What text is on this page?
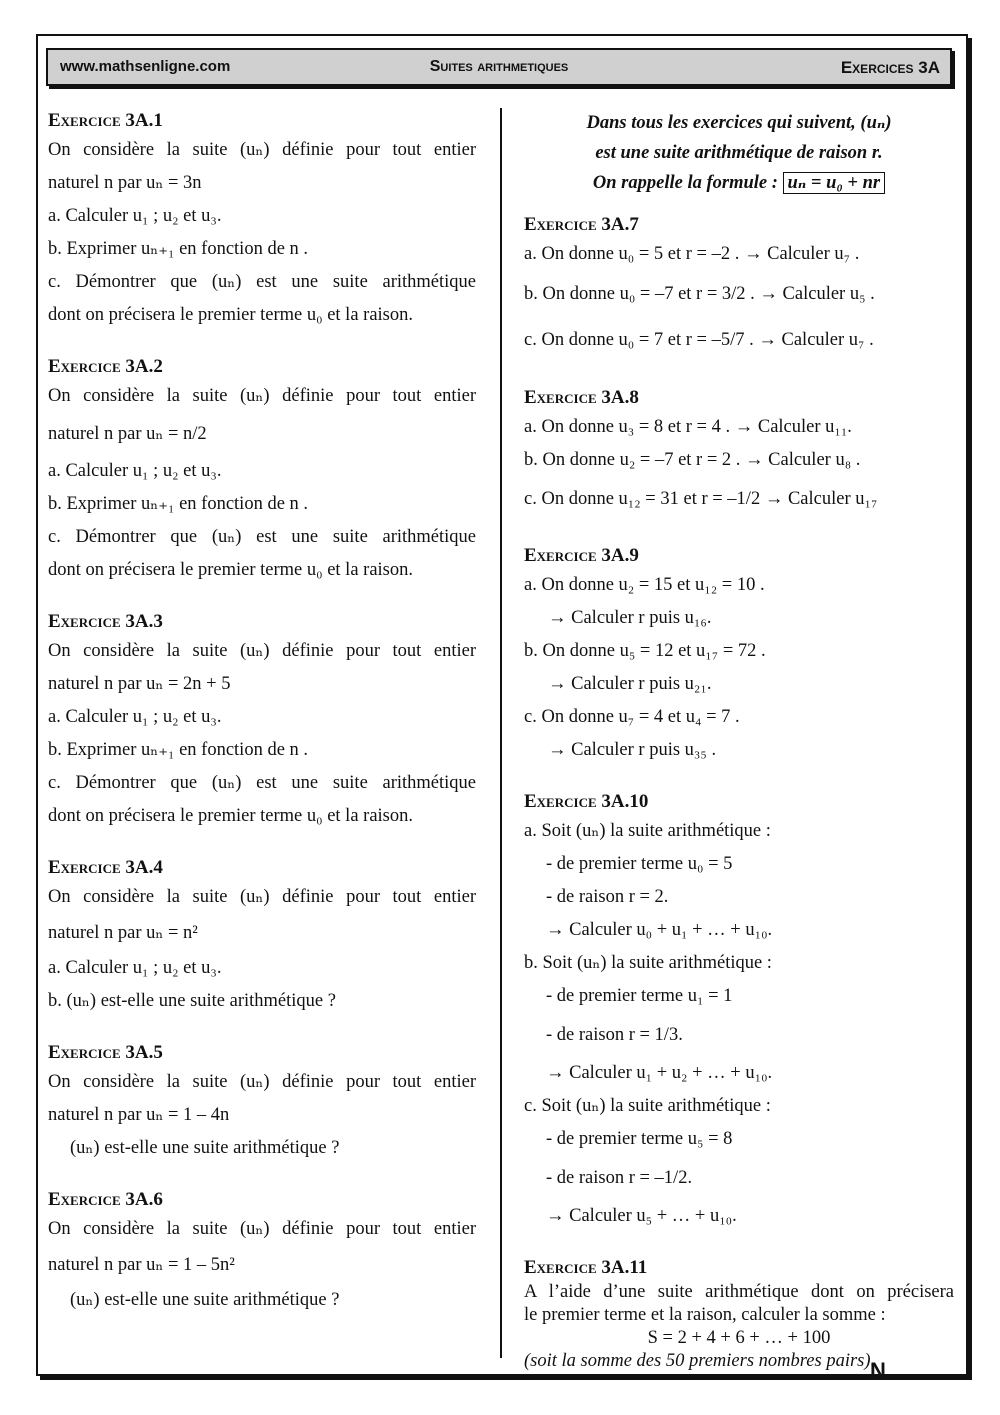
N
www.mathsenligne.com	Suites arithmetiques	Exercices 3A
Exercice 3A.1
On considère la suite (uₙ) définie pour tout entier
naturel n par uₙ = 3n
a. Calculer u₁ ; u₂ et u₃.
b. Exprimer uₙ₊₁ en fonction de n .
c. Démontrer que (uₙ) est une suite arithmétique
dont on précisera le premier terme u₀ et la raison.
Exercice 3A.2
On considère la suite (uₙ) définie pour tout entier
naturel n par uₙ = n/2
a. Calculer u₁ ; u₂ et u₃.
b. Exprimer uₙ₊₁ en fonction de n .
c. Démontrer que (uₙ) est une suite arithmétique
dont on précisera le premier terme u₀ et la raison.
Exercice 3A.3
On considère la suite (uₙ) définie pour tout entier
naturel n par uₙ = 2n + 5
a. Calculer u₁ ; u₂ et u₃.
b. Exprimer uₙ₊₁ en fonction de n .
c. Démontrer que (uₙ) est une suite arithmétique
dont on précisera le premier terme u₀ et la raison.
Exercice 3A.4
On considère la suite (uₙ) définie pour tout entier
naturel n par uₙ = n²
a. Calculer u₁ ; u₂ et u₃.
b. (uₙ) est-elle une suite arithmétique ?
Exercice 3A.5
On considère la suite (uₙ) définie pour tout entier
naturel n par uₙ = 1 – 4n
(uₙ) est-elle une suite arithmétique ?
Exercice 3A.6
On considère la suite (uₙ) définie pour tout entier
naturel n par uₙ = 1 – 5n²
(uₙ) est-elle une suite arithmétique ?
Dans tous les exercices qui suivent, (uₙ)
est une suite arithmétique de raison r.
On rappelle la formule : uₙ = u₀ + nr
Exercice 3A.7
a. On donne u₀ = 5 et r = –2 . → Calculer u₇ .
b. On donne u₀ = –7 et r = 3/2 . → Calculer u₅ .
c. On donne u₀ = 7 et r = –5/7 . → Calculer u₇ .
Exercice 3A.8
a. On donne u₃ = 8 et r = 4 . → Calculer u₁₁.
b. On donne u₂ = –7 et r = 2 . → Calculer u₈ .
c. On donne u₁₂ = 31 et r = –1/2 → Calculer u₁₇
Exercice 3A.9
a. On donne u₂ = 15 et u₁₂ = 10 .
→ Calculer r puis u₁₆.
b. On donne u₅ = 12 et u₁₇ = 72 .
→ Calculer r puis u₂₁.
c. On donne u₇ = 4 et u₄ = 7 .
→ Calculer r puis u₃₅ .
Exercice 3A.10
a. Soit (uₙ) la suite arithmétique :
- de premier terme u₀ = 5
- de raison r = 2.
→ Calculer u₀ + u₁ + … + u₁₀.
b. Soit (uₙ) la suite arithmétique :
- de premier terme u₁ = 1
- de raison r = 1/3.
→ Calculer u₁ + u₂ + … + u₁₀.
c. Soit (uₙ) la suite arithmétique :
- de premier terme u₅ = 8
- de raison r = –1/2.
→ Calculer u₅ + … + u₁₀.
Exercice 3A.11
A l’aide d’une suite arithmétique dont on précisera
le premier terme et la raison, calculer la somme :
S = 2 + 4 + 6 + … + 100
(soit la somme des 50 premiers nombres pairs).
